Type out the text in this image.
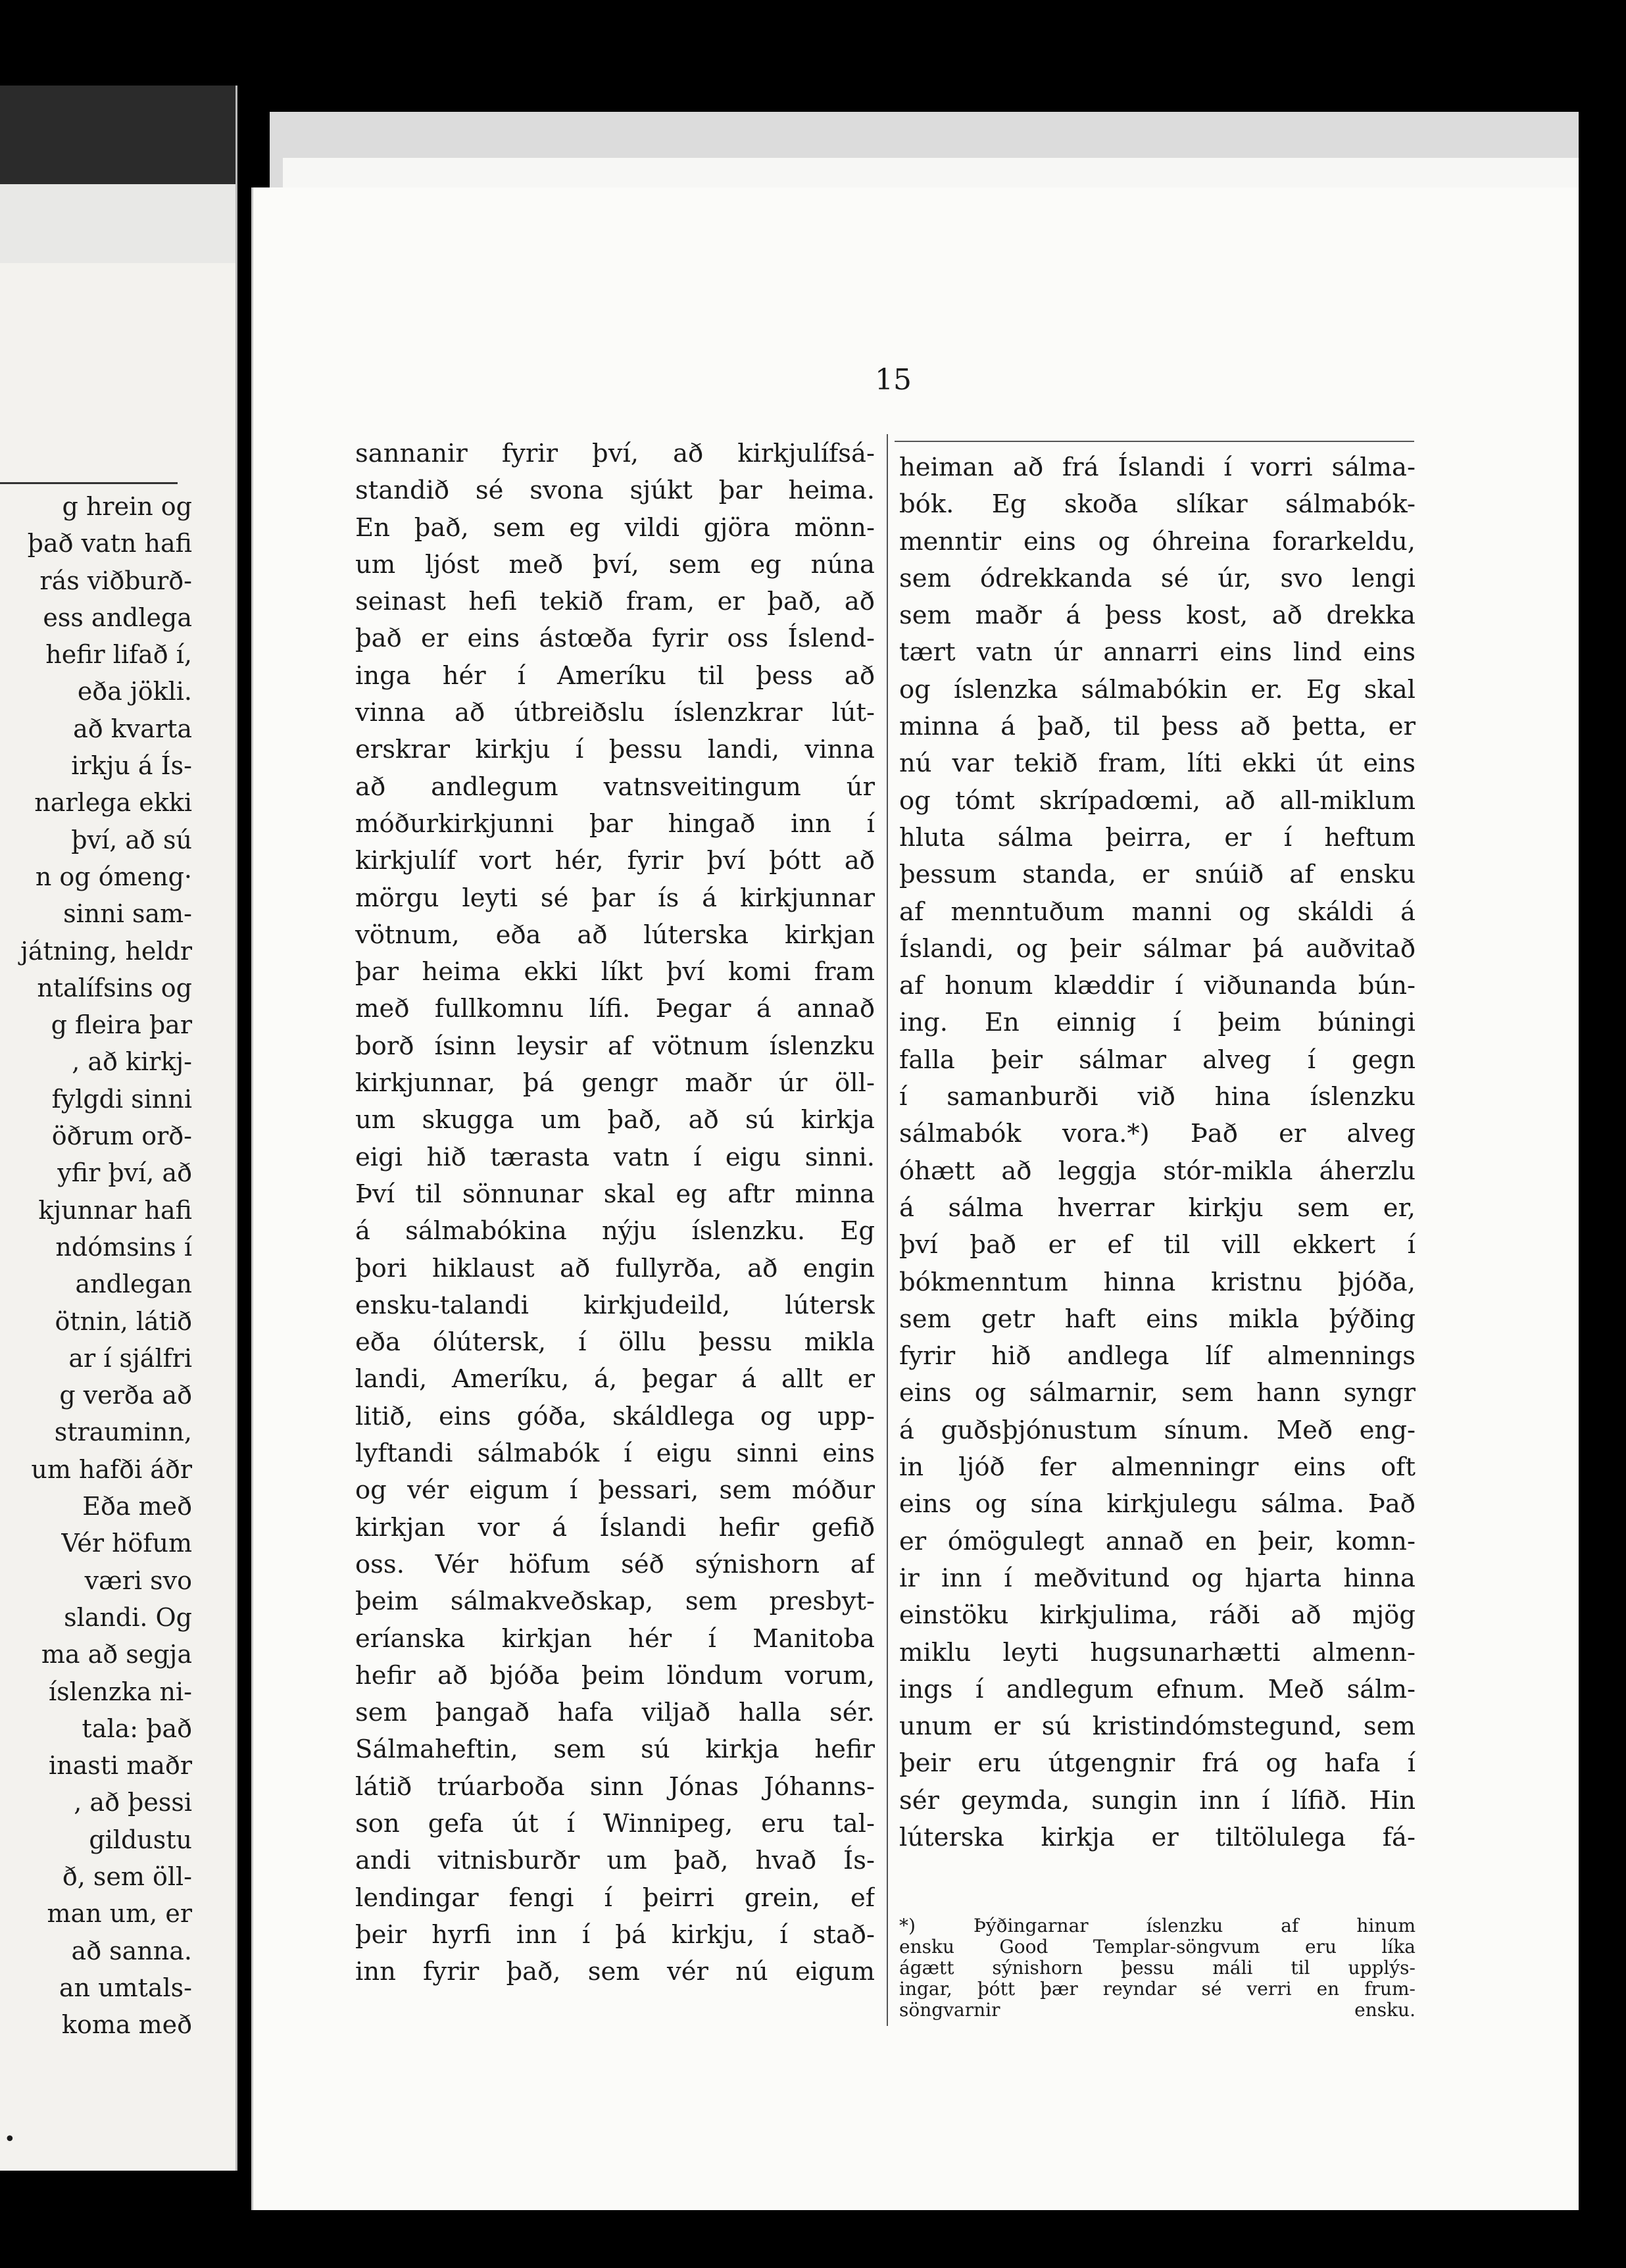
g hrein og
það vatn hafi
rás viðburð-
ess andlega
hefir lifað í,
eða jökli.
að kvarta
irkju á Ís-
narlega ekki
því, að sú
n og ómeng·
sinni sam-
játning, heldr
ntalífsins og
g fleira þar
, að kirkj-
fylgdi sinni
öðrum orð-
yfir því, að
kjunnar hafi
ndómsins í
andlegan
ötnin, látið
ar í sjálfri
g verða að
strauminn,
um hafði áðr
Eða með
Vér höfum
væri svo
slandi. Og
ma að segja
íslenzka ni-
tala: það
inasti maðr
, að þessi
gildustu
ð, sem öll-
man um, er
að sanna.
an umtals-
koma með
•
15
sannanir fyrir því, að kirkjulífsá-
standið sé svona sjúkt þar heima.
En það, sem eg vildi gjöra mönn-
um ljóst með því, sem eg núna
seinast hefi tekið fram, er það, að
það er eins ástœða fyrir oss Íslend-
inga hér í Ameríku til þess að
vinna að útbreiðslu íslenzkrar lút-
erskrar kirkju í þessu landi, vinna
að andlegum vatnsveitingum úr
móðurkirkjunni þar hingað inn í
kirkjulíf vort hér, fyrir því þótt að
mörgu leyti sé þar ís á kirkjunnar
vötnum, eða að lúterska kirkjan
þar heima ekki líkt því komi fram
með fullkomnu lífi. Þegar á annað
borð ísinn leysir af vötnum íslenzku
kirkjunnar, þá gengr maðr úr öll-
um skugga um það, að sú kirkja
eigi hið tærasta vatn í eigu sinni.
Því til sönnunar skal eg aftr minna
á sálmabókina nýju íslenzku. Eg
þori hiklaust að fullyrða, að engin
ensku-talandi kirkjudeild, lútersk
eða ólútersk, í öllu þessu mikla
landi, Ameríku, á, þegar á allt er
litið, eins góða, skáldlega og upp-
lyftandi sálmabók í eigu sinni eins
og vér eigum í þessari, sem móður
kirkjan vor á Íslandi hefir gefið
oss. Vér höfum séð sýnishorn af
þeim sálmakveðskap, sem presbyt-
eríanska kirkjan hér í Manitoba
hefir að bjóða þeim löndum vorum,
sem þangað hafa viljað halla sér.
Sálmaheftin, sem sú kirkja hefir
látið trúarboða sinn Jónas Jóhanns-
son gefa út í Winnipeg, eru tal-
andi vitnisburðr um það, hvað Ís-
lendingar fengi í þeirri grein, ef
þeir hyrfi inn í þá kirkju, í stað-
inn fyrir það, sem vér nú eigum
heiman að frá Íslandi í vorri sálma-
bók. Eg skoða slíkar sálmabók-
menntir eins og óhreina forarkeldu,
sem ódrekkanda sé úr, svo lengi
sem maðr á þess kost, að drekka
tært vatn úr annarri eins lind eins
og íslenzka sálmabókin er. Eg skal
minna á það, til þess að þetta, er
nú var tekið fram, líti ekki út eins
og tómt skrípadœmi, að all-miklum
hluta sálma þeirra, er í heftum
þessum standa, er snúið af ensku
af menntuðum manni og skáldi á
Íslandi, og þeir sálmar þá auðvitað
af honum klæddir í viðunanda bún-
ing. En einnig í þeim búningi
falla þeir sálmar alveg í gegn
í samanburði við hina íslenzku
sálmabók vora.*) Það er alveg
óhætt að leggja stór-mikla áherzlu
á sálma hverrar kirkju sem er,
því það er ef til vill ekkert í
bókmenntum hinna kristnu þjóða,
sem getr haft eins mikla þýðing
fyrir hið andlega líf almennings
eins og sálmarnir, sem hann syngr
á guðsþjónustum sínum. Með eng-
in ljóð fer almenningr eins oft
eins og sína kirkjulegu sálma. Það
er ómögulegt annað en þeir, komn-
ir inn í meðvitund og hjarta hinna
einstöku kirkjulima, ráði að mjög
miklu leyti hugsunarhætti almenn-
ings í andlegum efnum. Með sálm-
unum er sú kristindómstegund, sem
þeir eru útgengnir frá og hafa í
sér geymda, sungin inn í lífið. Hin
lúterska kirkja er tiltölulega fá-
*) Þýðingarnar íslenzku af hinum
ensku Good Templar-söngvum eru líka
ágætt sýnishorn þessu máli til upplýs-
ingar, þótt þær reyndar sé verri en frum-
söngvarnir ensku.
